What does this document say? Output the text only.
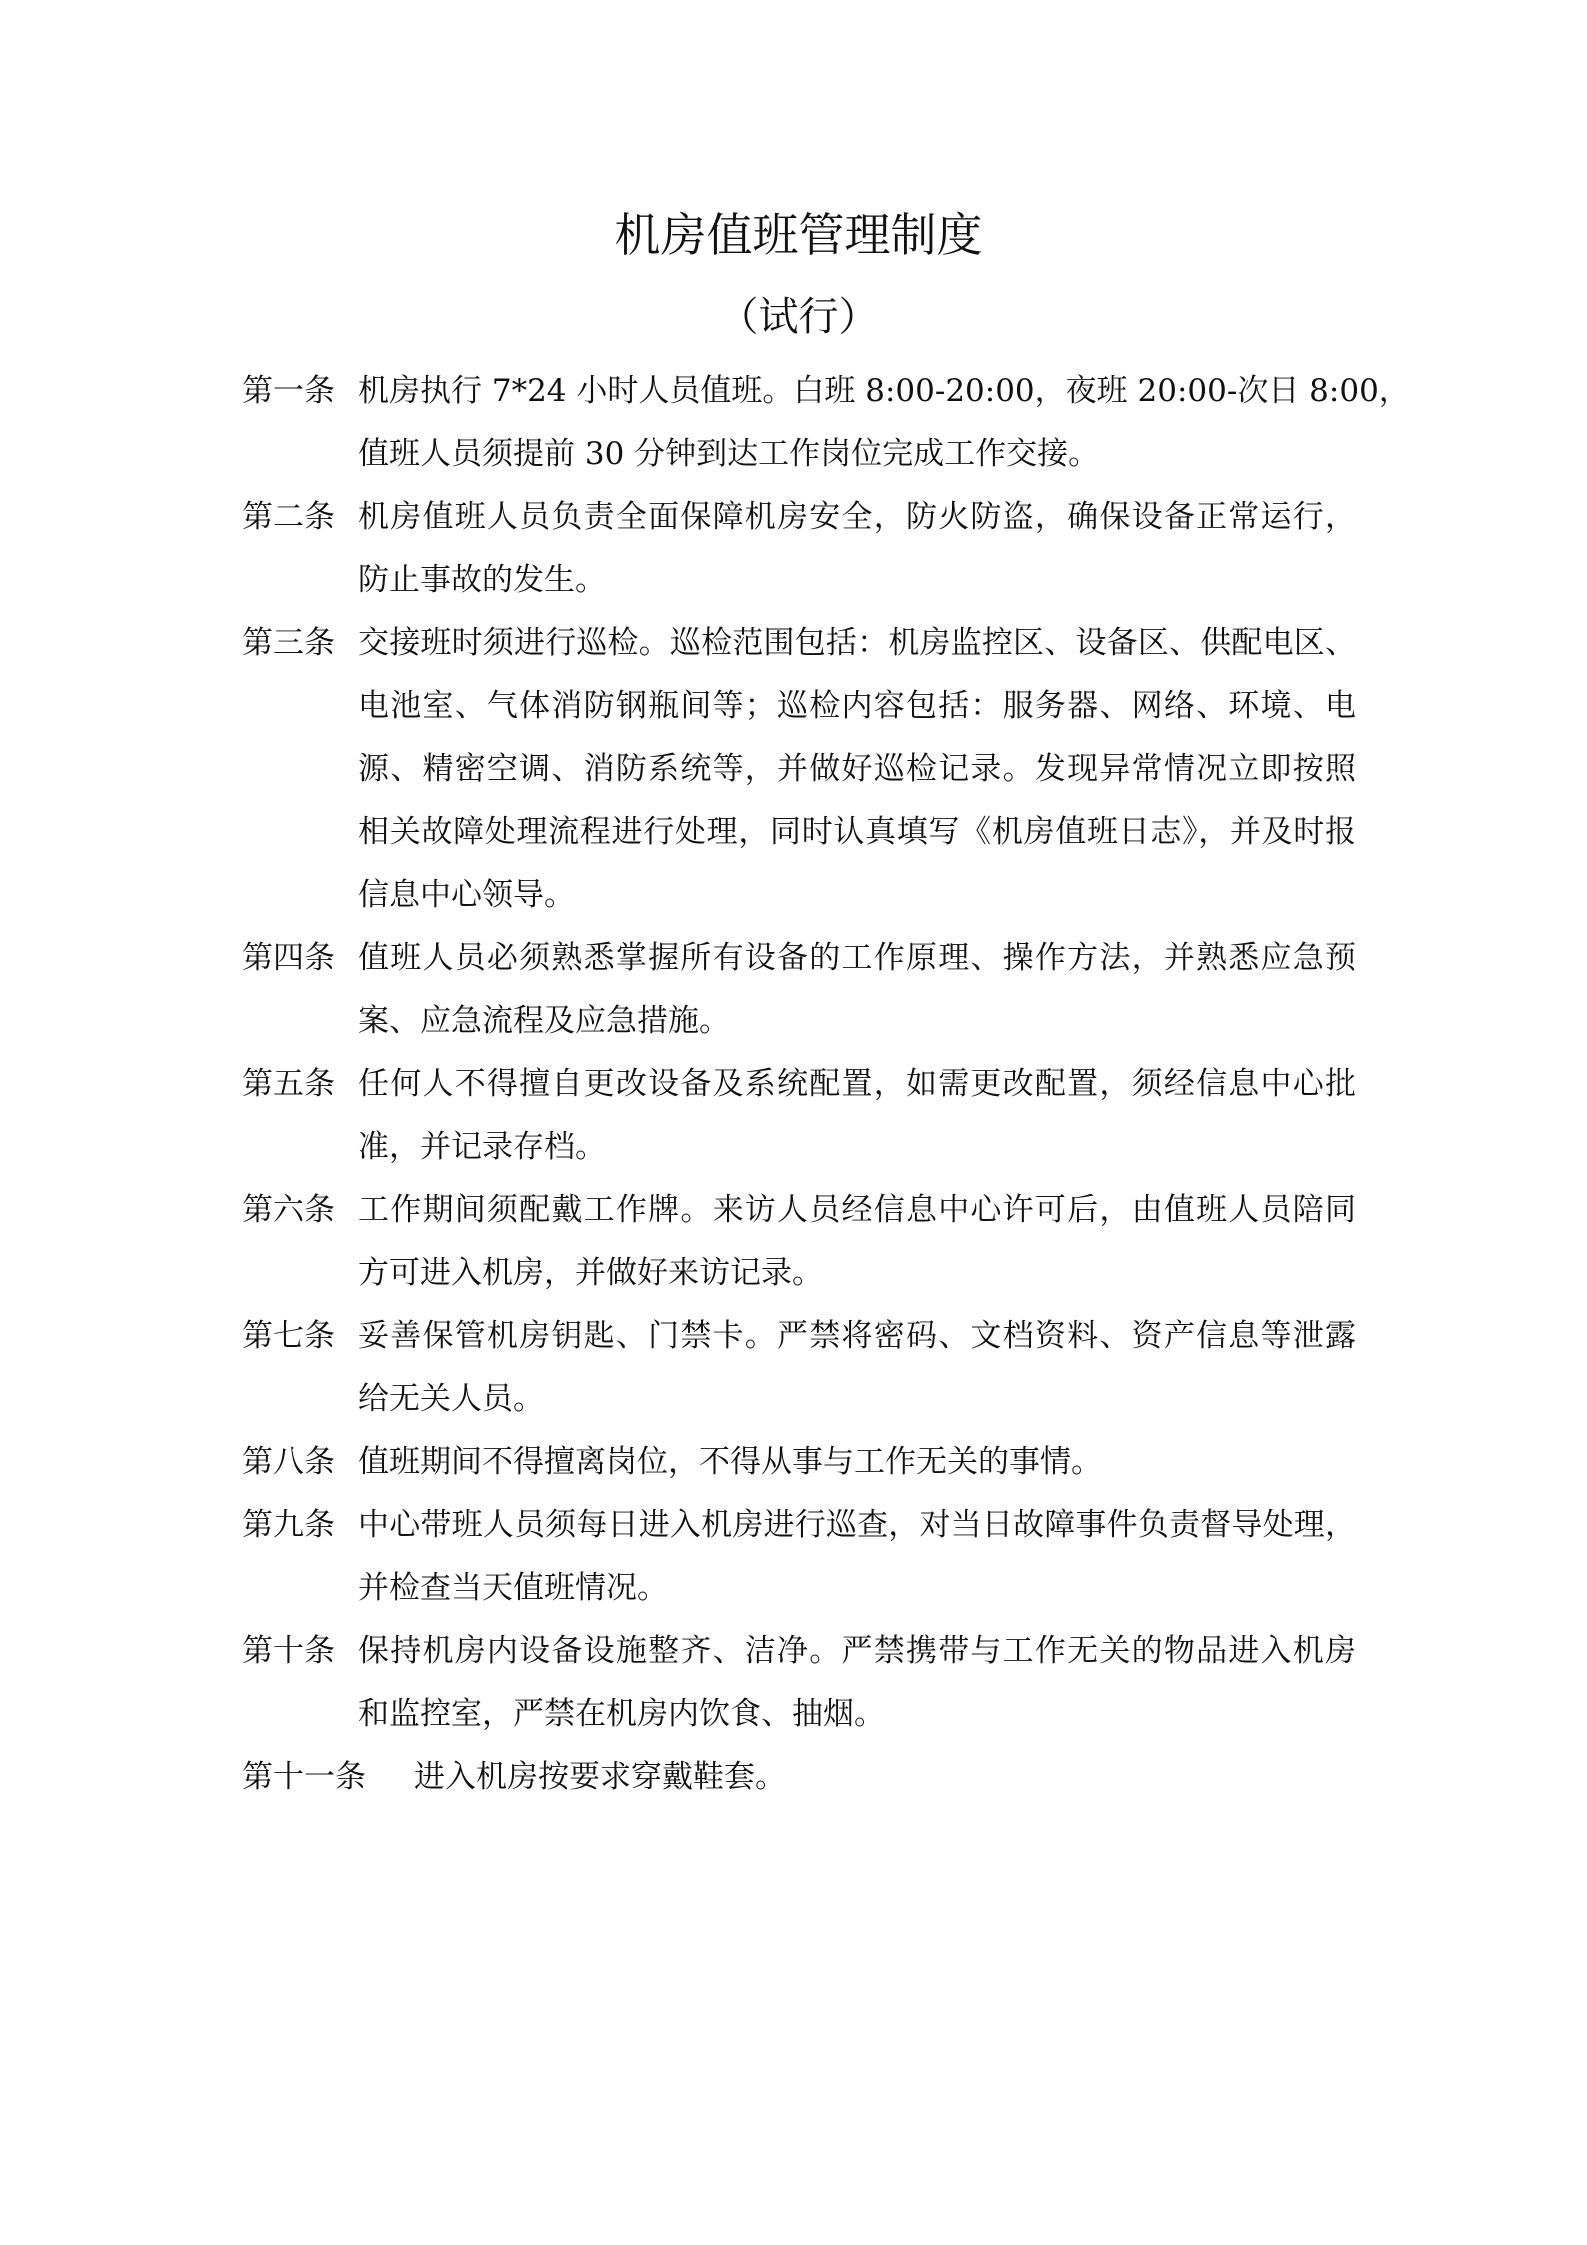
机房值班管理制度
（试行）
第一条 机房执行 7*24 小时人员值班。白班 8:00-20:00，夜班 20:00-次日 8:00，
值班人员须提前 30 分钟到达工作岗位完成工作交接。
第二条 机房值班人员负责全面保障机房安全，防火防盗，确保设备正常运行，
防止事故的发生。
第三条 交接班时须进行巡检。巡检范围包括：机房监控区、设备区、供配电区、
电池室、气体消防钢瓶间等；巡检内容包括：服务器、网络、环境、电
源、精密空调、消防系统等，并做好巡检记录。发现异常情况立即按照
相关故障处理流程进行处理，同时认真填写《机房值班日志》，并及时报
信息中心领导。
第四条 值班人员必须熟悉掌握所有设备的工作原理、操作方法，并熟悉应急预
案、应急流程及应急措施。
第五条 任何人不得擅自更改设备及系统配置，如需更改配置，须经信息中心批
准，并记录存档。
第六条 工作期间须配戴工作牌。来访人员经信息中心许可后，由值班人员陪同
方可进入机房，并做好来访记录。
第七条 妥善保管机房钥匙、门禁卡。严禁将密码、文档资料、资产信息等泄露
给无关人员。
第八条 值班期间不得擅离岗位，不得从事与工作无关的事情。
第九条 中心带班人员须每日进入机房进行巡查，对当日故障事件负责督导处理，
并检查当天值班情况。
第十条 保持机房内设备设施整齐、洁净。严禁携带与工作无关的物品进入机房
和监控室，严禁在机房内饮食、抽烟。
第十一条 进入机房按要求穿戴鞋套。
